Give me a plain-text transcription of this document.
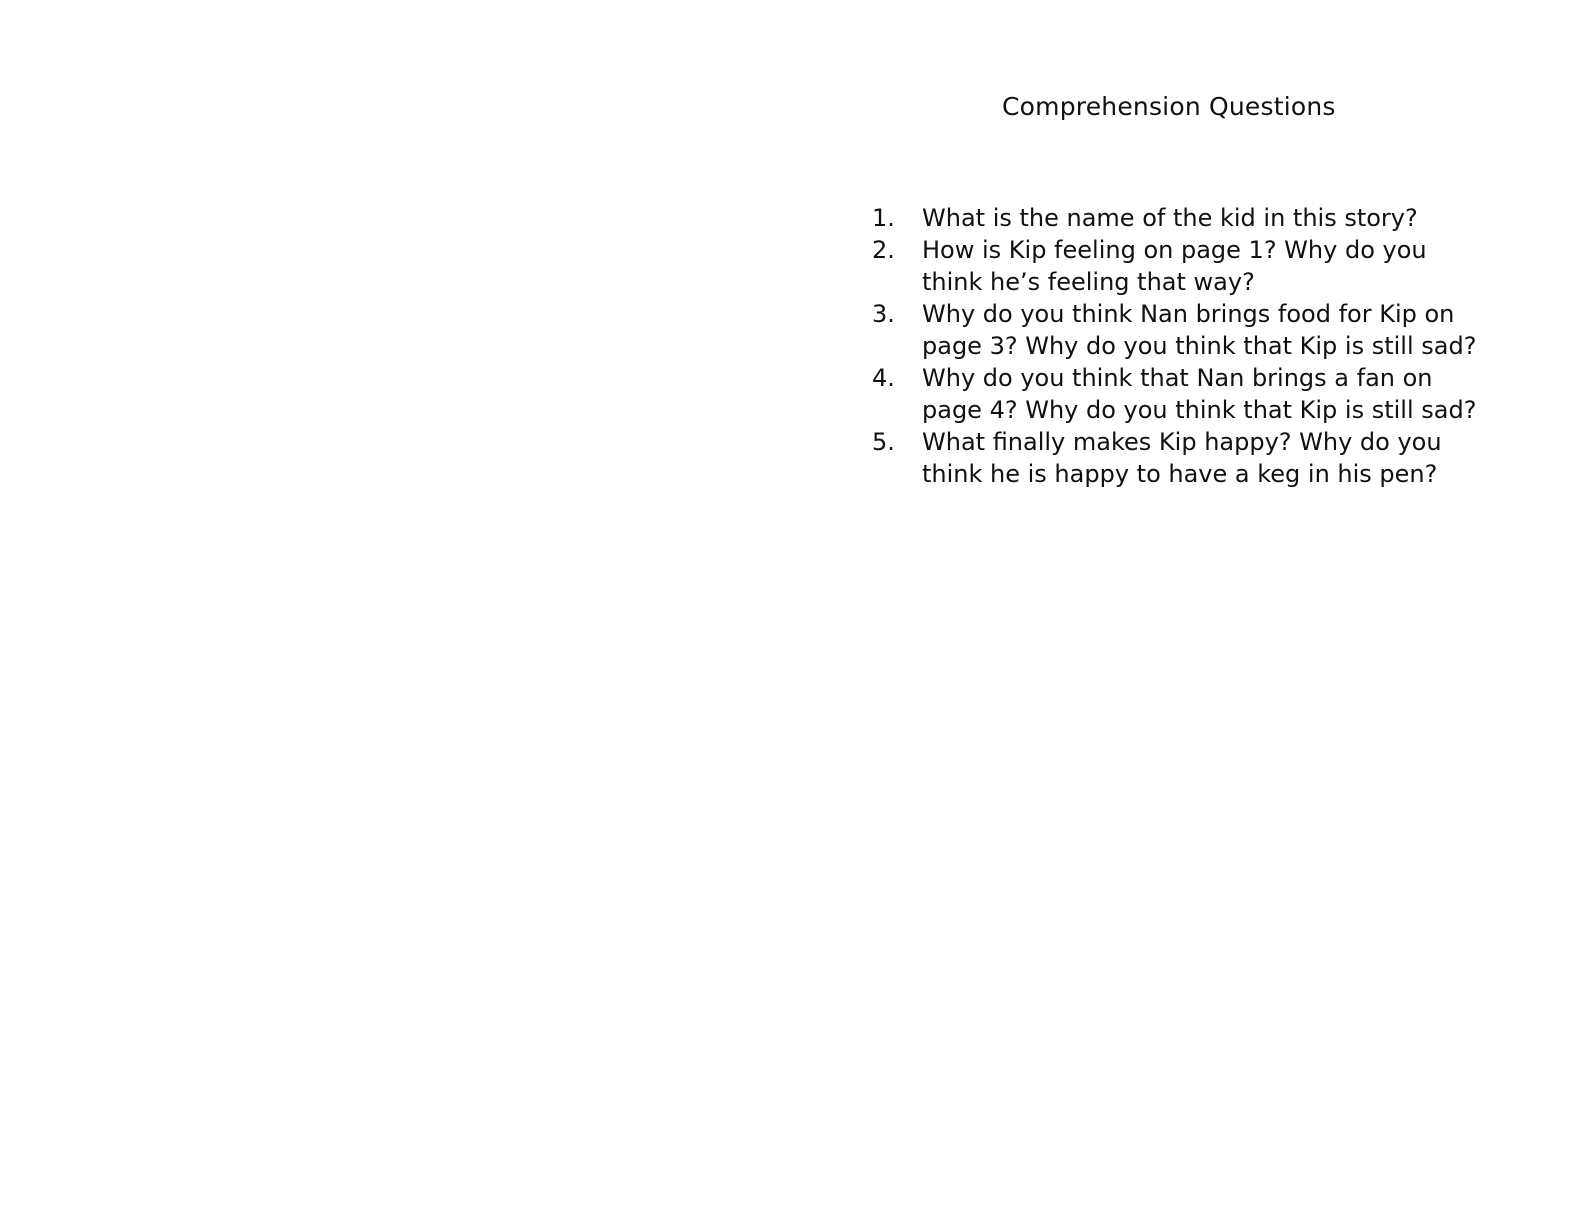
Comprehension Questions
1.	What is the name of the kid in this story?
2.	How is Kip feeling on page 1? Why do you think he’s feeling that way?
3.	Why do you think Nan brings food for Kip on page 3? Why do you think that Kip is still sad?
4.	Why do you think that Nan brings a fan on page 4? Why do you think that Kip is still sad?
5.	What finally makes Kip happy? Why do you think he is happy to have a keg in his pen?
